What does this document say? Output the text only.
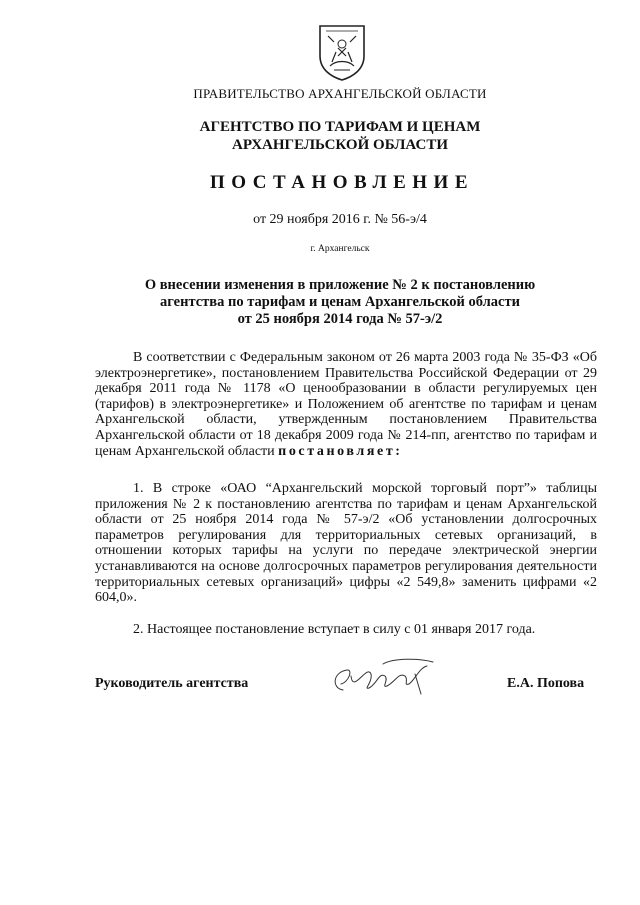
ПРАВИТЕЛЬСТВО АРХАНГЕЛЬСКОЙ ОБЛАСТИ
АГЕНТСТВО ПО ТАРИФАМ И ЦЕНАМ
АРХАНГЕЛЬСКОЙ ОБЛАСТИ
ПОСТАНОВЛЕНИЕ
от 29 ноября 2016 г. № 56-э/4
г. Архангельск
О внесении изменения в приложение № 2 к постановлению
агентства по тарифам и ценам Архангельской области
от 25 ноября 2014 года № 57-э/2
В соответствии с Федеральным законом от 26 марта 2003 года № 35-ФЗ «Об электроэнергетике», постановлением Правительства Российской Федерации от 29 декабря 2011 года № 1178 «О ценообразовании в области регулируемых цен (тарифов) в электроэнергетике» и Положением об агентстве по тарифам и ценам Архангельской области, утвержденным постановлением Правительства Архангельской области от 18 декабря 2009 года № 214-пп, агентство по тарифам и ценам Архангельской области постановляет:
1. В строке «ОАО “Архангельский морской торговый порт”» таблицы приложения № 2 к постановлению агентства по тарифам и ценам Архангельской области от 25 ноября 2014 года № 57-э/2 «Об установлении долгосрочных параметров регулирования для территориальных сетевых организаций, в отношении которых тарифы на услуги по передаче электрической энергии устанавливаются на основе долгосрочных параметров регулирования деятельности территориальных сетевых организаций» цифры «2 549,8» заменить цифрами «2 604,0».
2. Настоящее постановление вступает в силу с 01 января 2017 года.
Руководитель агентства	Е.А. Попова
